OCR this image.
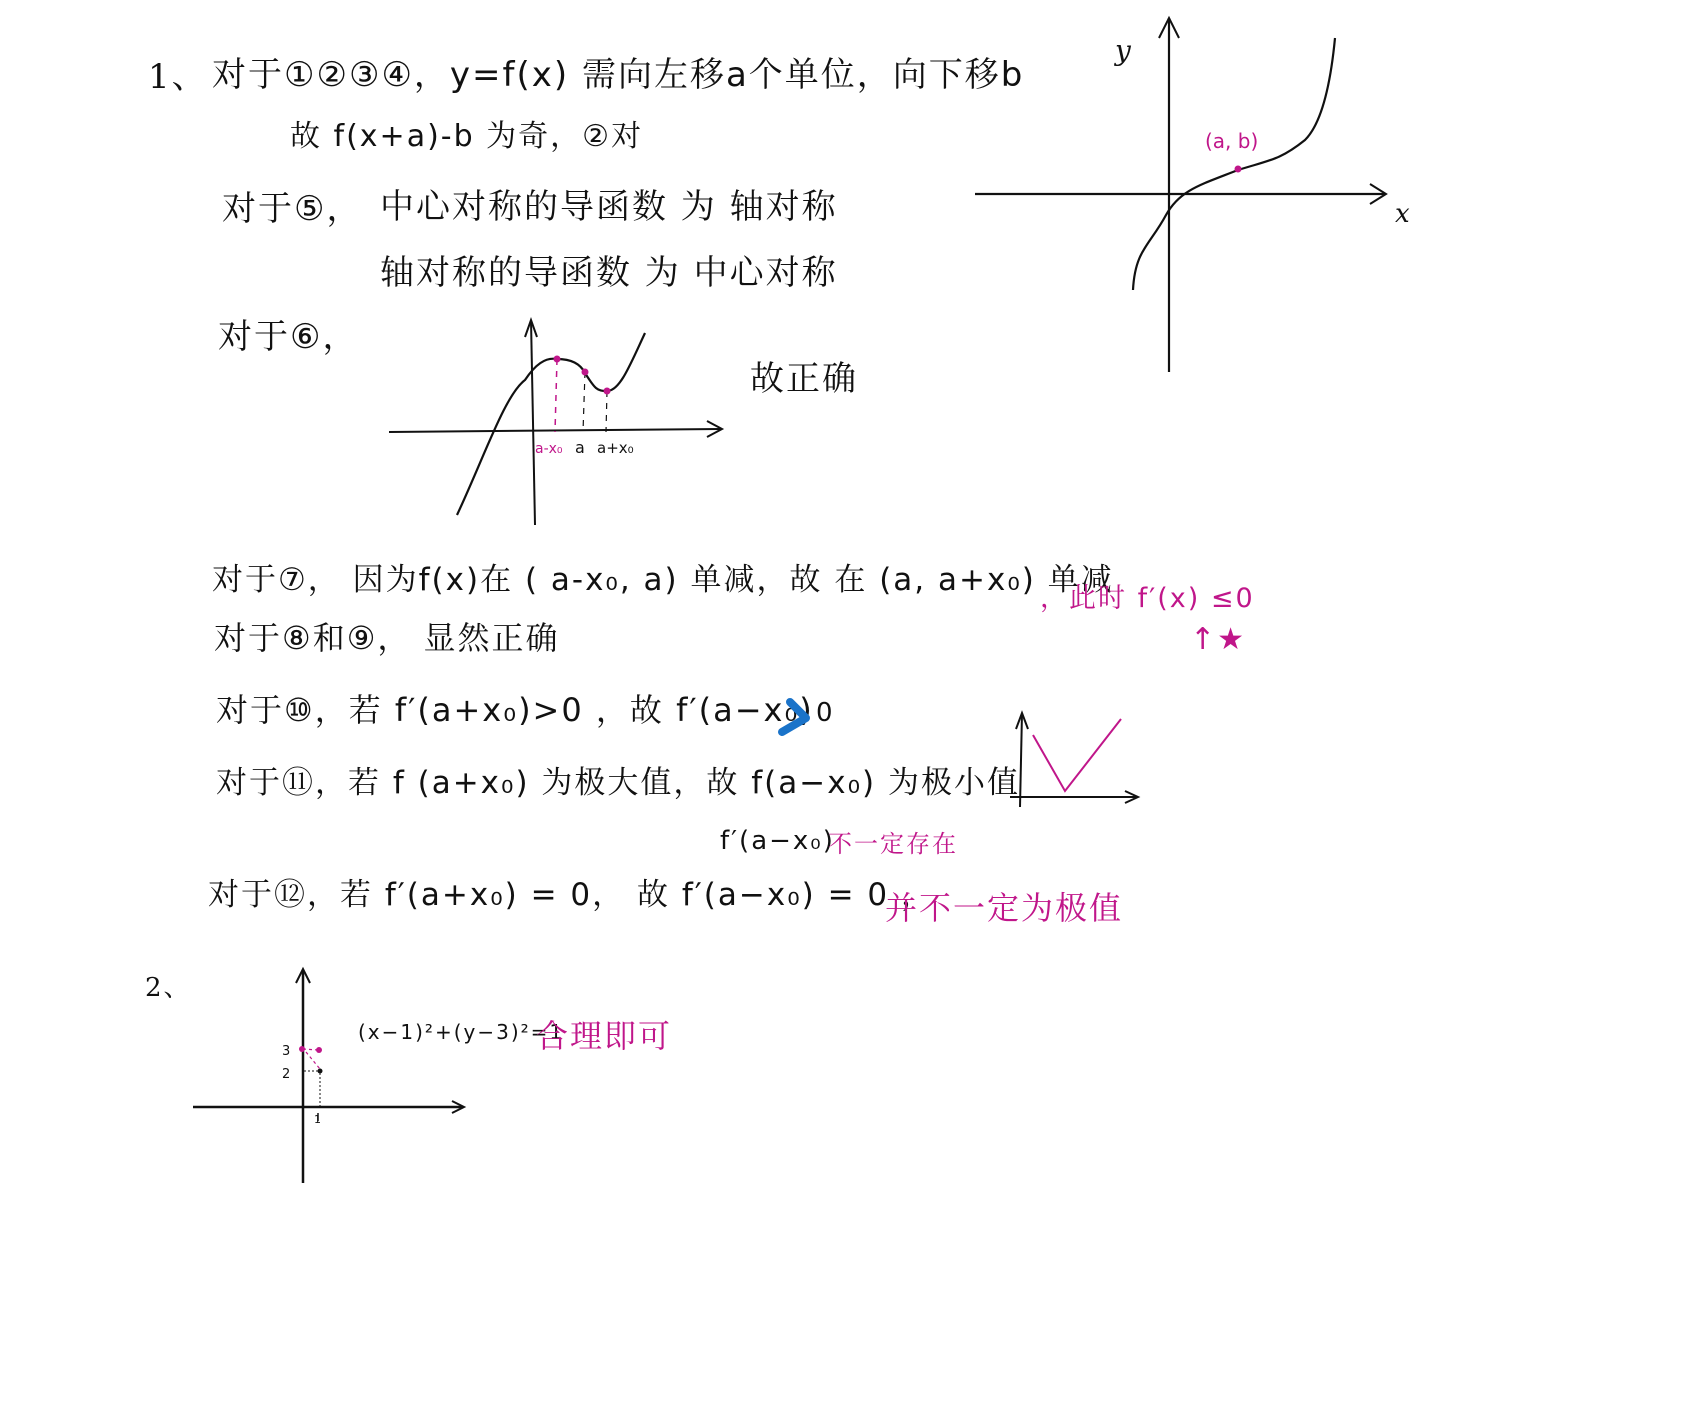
1、 对于①②③④，y=f(x) 需向左移a个单位，向下移b
故 f(x+a)-b 为奇，②对
对于⑤， 中心对称的导函数 为 轴对称
轴对称的导函数 为 中心对称
对于⑥，
故正确
a-x₀ a a+x₀
y
x
(a, b)
对于⑦， 因为f(x)在 ( a-x₀, a) 单减，故 在 (a, a+x₀) 单减
，此时 f′(x) ≤0
↑★
对于⑧和⑨， 显然正确
对于⑩，若 f′(a+x₀)>0 ，故 f′(a−x₀) 0
对于⑪，若 f (a+x₀) 为极大值，故 f(a−x₀) 为极小值
f′(a−x₀)
不一定存在
对于⑫，若 f′(a+x₀) = 0， 故 f′(a−x₀) = 0 ，
并不一定为极值
2、
(x−1)²+(y−3)²=1
合理即可
3
2
1
